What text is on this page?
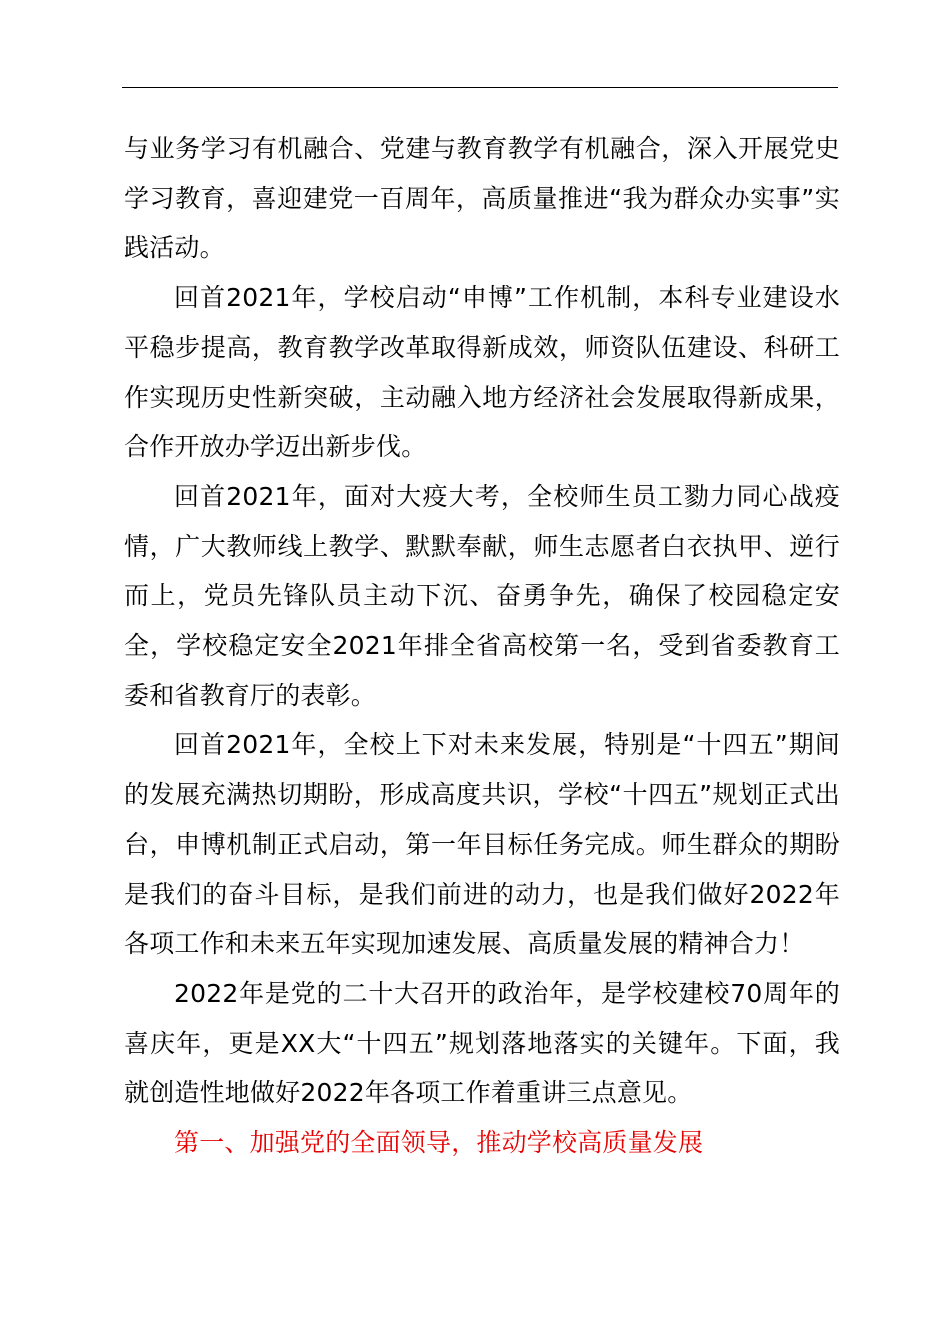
与业务学习有机融合、党建与教育教学有机融合，深入开展党史学习教育，喜迎建党一百周年，高质量推进“我为群众办实事”实践活动。

回首2021年，学校启动“申博”工作机制，本科专业建设水平稳步提高，教育教学改革取得新成效，师资队伍建设、科研工作实现历史性新突破，主动融入地方经济社会发展取得新成果，合作开放办学迈出新步伐。

回首2021年，面对大疫大考，全校师生员工勠力同心战疫情，广大教师线上教学、默默奉献，师生志愿者白衣执甲、逆行而上，党员先锋队员主动下沉、奋勇争先，确保了校园稳定安全，学校稳定安全2021年排全省高校第一名，受到省委教育工委和省教育厅的表彰。

回首2021年，全校上下对未来发展，特别是“十四五”期间的发展充满热切期盼，形成高度共识，学校“十四五”规划正式出台，申博机制正式启动，第一年目标任务完成。师生群众的期盼是我们的奋斗目标，是我们前进的动力，也是我们做好2022年各项工作和未来五年实现加速发展、高质量发展的精神合力！

2022年是党的二十大召开的政治年，是学校建校70周年的喜庆年，更是XX大“十四五”规划落地落实的关键年。下面，我就创造性地做好2022年各项工作着重讲三点意见。

第一、加强党的全面领导，推动学校高质量发展
